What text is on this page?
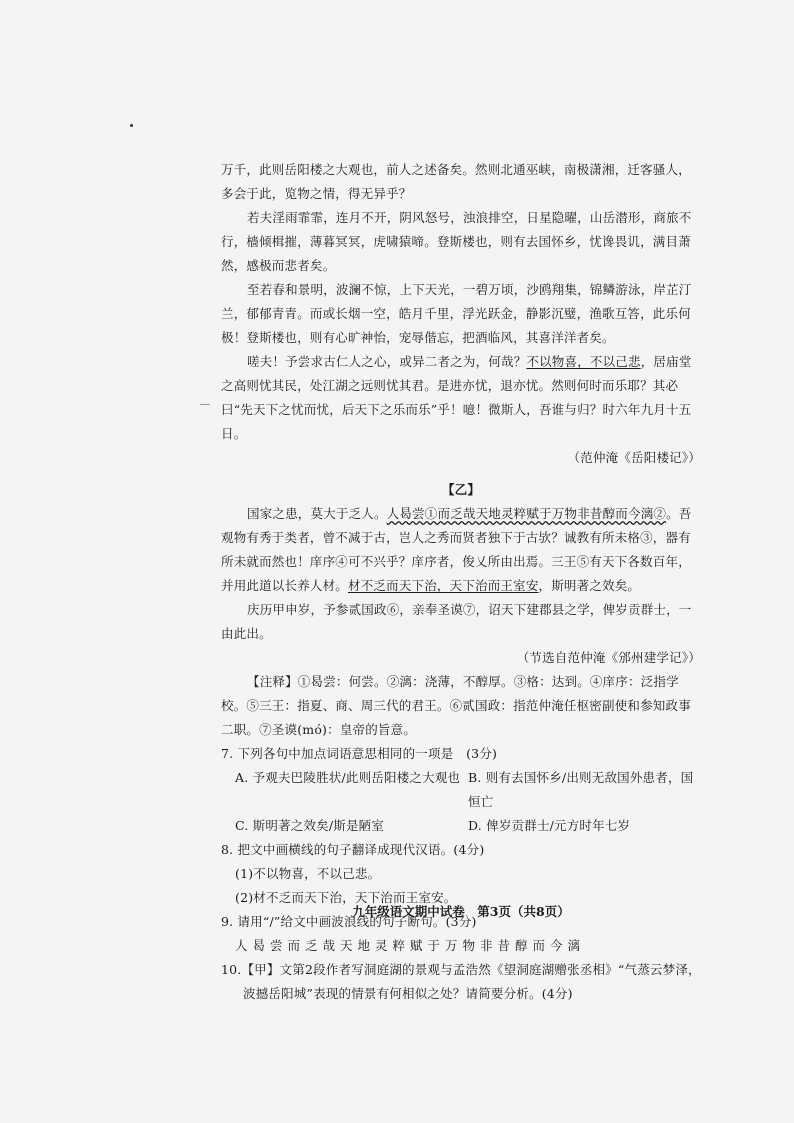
万千，此则岳阳楼之大观也，前人之述备矣。然则北通巫峡，南极潇湘，迁客骚人，多会于此，览物之情，得无异乎？

若夫淫雨霏霏，连月不开，阴风怒号，浊浪排空，日星隐曜，山岳潜形，商旅不行，樯倾楫摧，薄暮冥冥，虎啸猿啼。登斯楼也，则有去国怀乡，忧谗畏讥，满目萧然，感极而悲者矣。

至若春和景明，波澜不惊，上下天光，一碧万顷，沙鸥翔集，锦鳞游泳，岸芷汀兰，郁郁青青。而或长烟一空，皓月千里，浮光跃金，静影沉璧，渔歌互答，此乐何极！登斯楼也，则有心旷神怡，宠辱偕忘，把酒临风，其喜洋洋者矣。

嗟夫！予尝求古仁人之心，或异二者之为，何哉？不以物喜，不以己悲，居庙堂之高则忧其民，处江湖之远则忧其君。是进亦忧，退亦忧。然则何时而乐耶？其必曰“先天下之忧而忧，后天下之乐而乐”乎！噫！微斯人，吾谁与归？时六年九月十五日。

（范仲淹《岳阳楼记》）

【乙】

国家之患，莫大于乏人。人曷尝①而乏哉天地灵粹赋于万物非昔醇而今漓②。吾观物有秀于类者，曾不减于古，岂人之秀而贤者独下于古欤？诚教有所未格③，器有所未就而然也！庠序④可不兴乎？庠序者，俊乂所由出焉。三王⑤有天下各数百年，并用此道以长养人材。材不乏而天下治，天下治而王室安，斯明著之效矣。

庆历甲申岁，予参贰国政⑥，亲奉圣谟⑦，诏天下建郡县之学，俾岁贡群士，一由此出。

（节选自范仲淹《邠州建学记》）

【注释】①曷尝：何尝。②漓：浇薄，不醇厚。③格：达到。④庠序：泛指学校。⑤三王：指夏、商、周三代的君王。⑥贰国政：指范仲淹任枢密副使和参知政事二职。⑦圣谟(mó)：皇帝的旨意。

7. 下列各句中加点词语意思相同的一项是　(3分)

A. 予观夫巴陵胜状/此则岳阳楼之大观也 B. 则有去国怀乡/出则无敌国外患者，国恒亡
C. 斯明著之效矣/斯是陋室	D. 俾岁贡群士/元方时年七岁

8. 把文中画横线的句子翻译成现代汉语。(4分)

(1)不以物喜，不以己悲。

(2)材不乏而天下治，天下治而王室安。

9. 请用“/”给文中画波浪线的句子断句。(3分)

人曷尝而乏哉天地灵粹赋于万物非昔醇而今漓

10.【甲】文第2段作者写洞庭湖的景观与孟浩然《望洞庭湖赠张丞相》“气蒸云梦泽，波撼岳阳城”表现的情景有何相似之处？请简要分析。(4分)

九年级语文期中试卷　第3页（共8页）
